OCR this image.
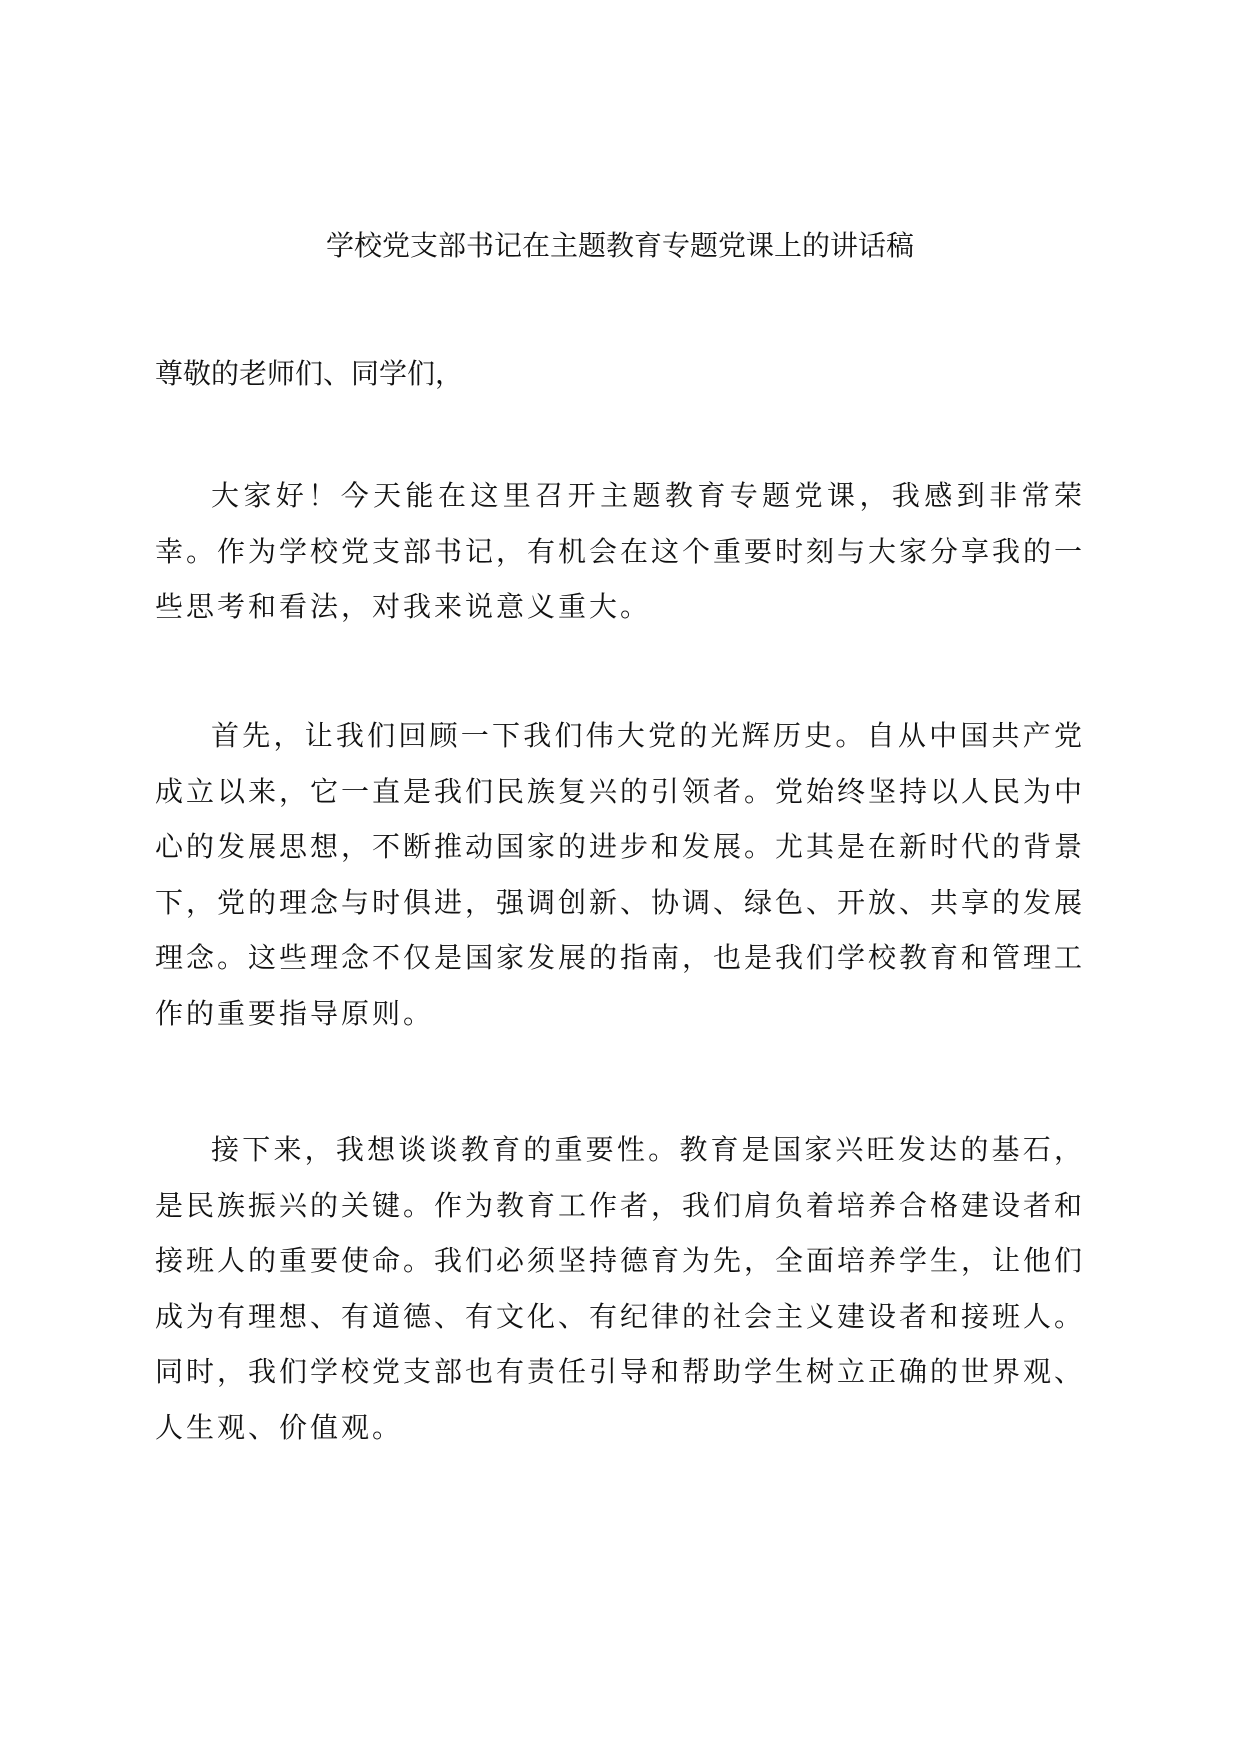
学校党支部书记在主题教育专题党课上的讲话稿

尊敬的老师们、同学们，

大家好！今天能在这里召开主题教育专题党课，我感到非常荣幸。作为学校党支部书记，有机会在这个重要时刻与大家分享我的一些思考和看法，对我来说意义重大。

首先，让我们回顾一下我们伟大党的光辉历史。自从中国共产党成立以来，它一直是我们民族复兴的引领者。党始终坚持以人民为中心的发展思想，不断推动国家的进步和发展。尤其是在新时代的背景下，党的理念与时俱进，强调创新、协调、绿色、开放、共享的发展理念。这些理念不仅是国家发展的指南，也是我们学校教育和管理工作的重要指导原则。

接下来，我想谈谈教育的重要性。教育是国家兴旺发达的基石，是民族振兴的关键。作为教育工作者，我们肩负着培养合格建设者和接班人的重要使命。我们必须坚持德育为先，全面培养学生，让他们成为有理想、有道德、有文化、有纪律的社会主义建设者和接班人。同时，我们学校党支部也有责任引导和帮助学生树立正确的世界观、人生观、价值观。
